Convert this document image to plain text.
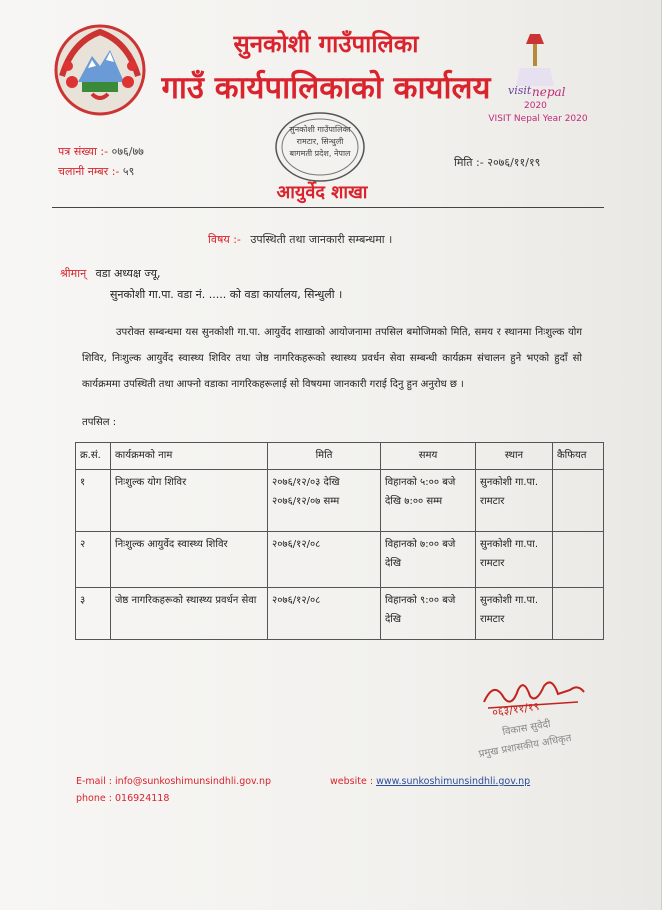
सुनकोशी गाउँपालिका
गाउँ कार्यपालिकाको कार्यालय	visit nepal
2020
VISIT Nepal Year 2020
पत्र संख्या :- ०७६/७७
चलानी नम्बर :- ५९
मिति :- २०७६/११/१९
सुनकोशी गाउँपालिका
रामटार, सिन्धुली
बागमती प्रदेश, नेपाल
आयुर्वेद शाखा
विषय :- उपस्थिती तथा जानकारी सम्बन्धमा ।
श्रीमान् वडा अध्यक्ष ज्यू,
सुनकोशी गा.पा. वडा नं. ..... को वडा कार्यालय, सिन्धुली ।
उपरोक्त सम्बन्धमा यस सुनकोशी गा.पा. आयुर्वेद शाखाको आयोजनामा तपसिल बमोजिमको मिति, समय र स्थानमा निःशुल्क योग शिविर, निःशुल्क आयुर्वेद स्वास्थ्य शिविर तथा जेष्ठ नागरिकहरूको स्थास्थ्य प्रवर्धन सेवा सम्बन्धी कार्यक्रम संचालन हुने भएको हुदाँ सो कार्यक्रममा उपस्थिती तथा आफ्नो वडाका नागरिकहरूलाई सो विषयमा जानकारी गराई दिनु हुन अनुरोध छ ।
तपसिल :
क्र.सं.	कार्यक्रमको नाम	मिति	समय	स्थान	कैफियत
१	निःशुल्क योग शिविर	२०७६/१२/०३ देखि २०७६/१२/०७ सम्म	विहानको ५:०० बजे देखि ७:०० सम्म	सुनकोशी गा.पा. रामटार	
२	निःशुल्क आयुर्वेद स्वास्थ्य शिविर	२०७६/१२/०८	विहानको ७:०० बजे देखि	सुनकोशी गा.पा. रामटार	
३	जेष्ठ नागरिकहरूको स्थास्थ्य प्रवर्धन सेवा	२०७६/१२/०८	विहानको ९:०० बजे देखि	सुनकोशी गा.पा. रामटार	
०६३/११/१९
विकास सुवेदी
प्रमुख प्रशासकीय अधिकृत
E-mail : info@sunkoshimunsindhli.gov.np
phone : 016924118
website : www.sunkoshimunsindhli.gov.np
